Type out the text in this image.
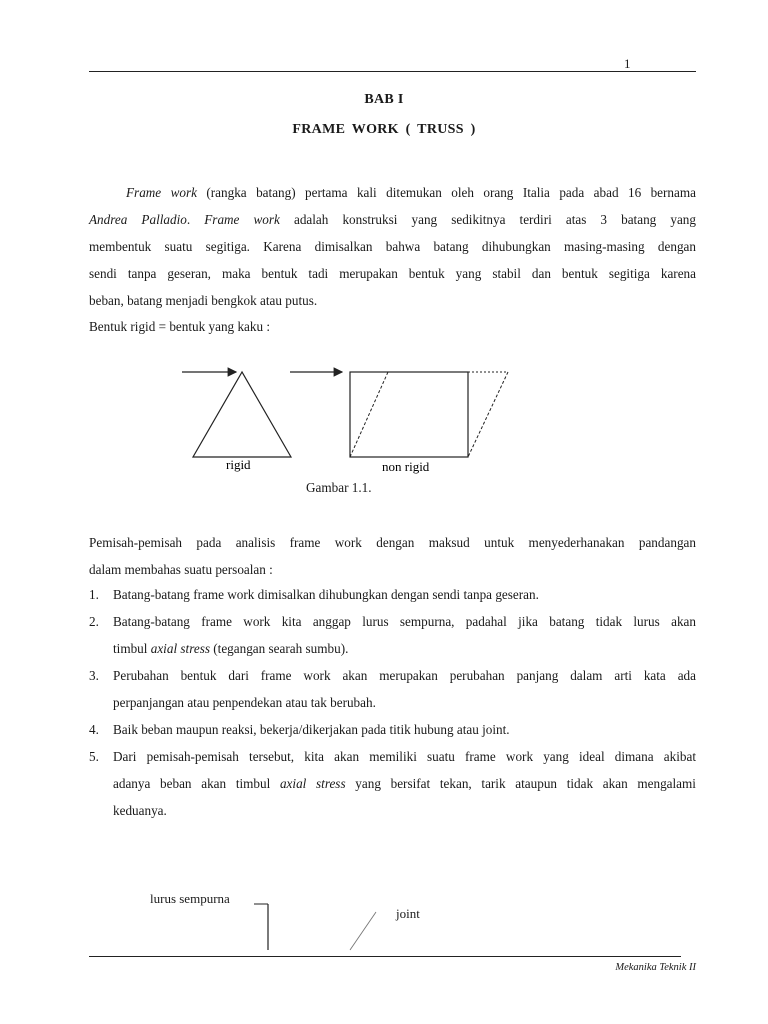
1
BAB I
FRAME WORK ( TRUSS )
Frame work (rangka batang) pertama kali ditemukan oleh orang Italia pada abad 16 bernama
Andrea Palladio. Frame work adalah konstruksi yang sedikitnya terdiri atas 3 batang yang
membentuk suatu segitiga. Karena dimisalkan bahwa batang dihubungkan masing-masing dengan
sendi tanpa geseran, maka bentuk tadi merupakan bentuk yang stabil dan bentuk segitiga karena
beban, batang menjadi bengkok atau putus.
Bentuk rigid = bentuk yang kaku :
rigid	non rigid
Gambar 1.1.
Pemisah-pemisah pada analisis frame work dengan maksud untuk menyederhanakan pandangan
dalam membahas suatu persoalan :
1.	Batang-batang frame work dimisalkan dihubungkan dengan sendi tanpa geseran.
2.	Batang-batang frame work kita anggap lurus sempurna, padahal jika batang tidak lurus akan
timbul axial stress (tegangan searah sumbu).
3.	Perubahan bentuk dari frame work akan merupakan perubahan panjang dalam arti kata ada
perpanjangan atau penpendekan atau tak berubah.
4.	Baik beban maupun reaksi, bekerja/dikerjakan pada titik hubung atau joint.
5.	Dari pemisah-pemisah tersebut, kita akan memiliki suatu frame work yang ideal dimana akibat
adanya beban akan timbul axial stress yang bersifat tekan, tarik ataupun tidak akan mengalami
keduanya.
lurus sempurna
joint
Mekanika Teknik II
